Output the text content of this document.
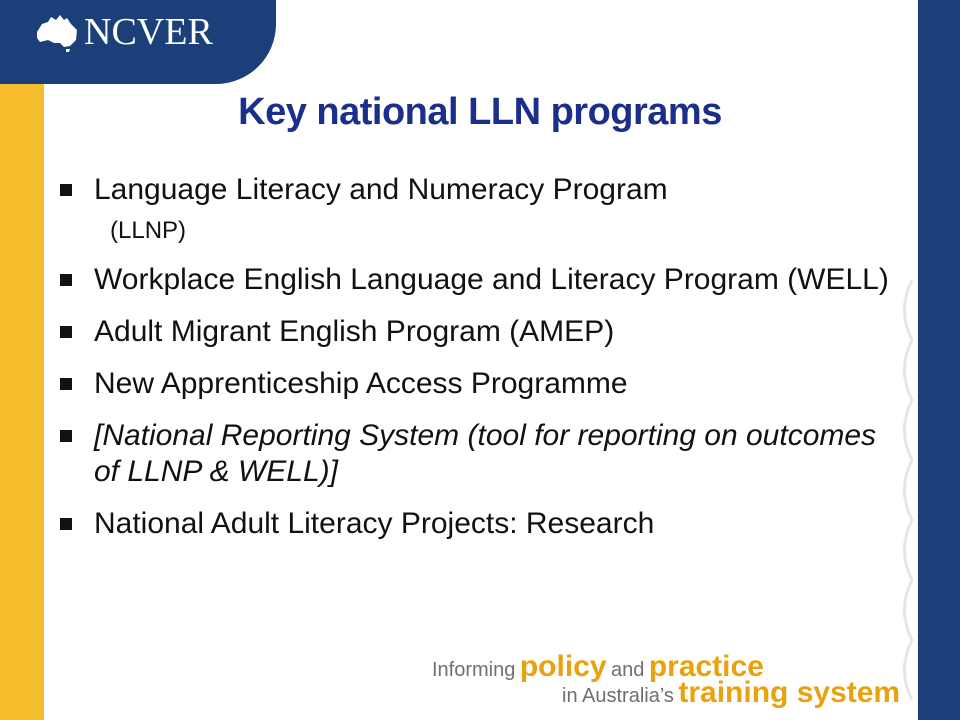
NCVER
Key national LLN programs
Language Literacy and Numeracy Program
(LLNP)
Workplace English Language and Literacy Program (WELL)
Adult Migrant English Program (AMEP)
New Apprenticeship Access Programme
[National Reporting System (tool for reporting on outcomes of LLNP & WELL)]
National Adult Literacy Projects: Research
Informing policy and practice
in Australia’s training system
